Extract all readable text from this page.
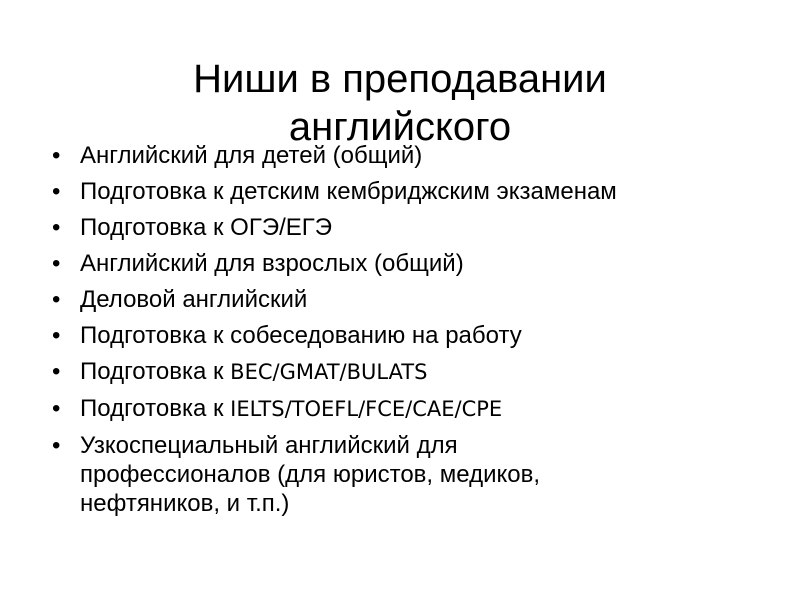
Ниши в преподавании
английского
• Английский для детей (общий)
• Подготовка к детским кембриджским экзаменам
• Подготовка к ОГЭ/ЕГЭ
• Английский для взрослых (общий)
• Деловой английский
• Подготовка к собеседованию на работу
• Подготовка к BEC/GMAT/BULATS
• Подготовка к IELTS/TOEFL/FCE/CAE/CPE
• Узкоспециальный английский для
профессионалов (для юристов, медиков,
нефтяников, и т.п.)
